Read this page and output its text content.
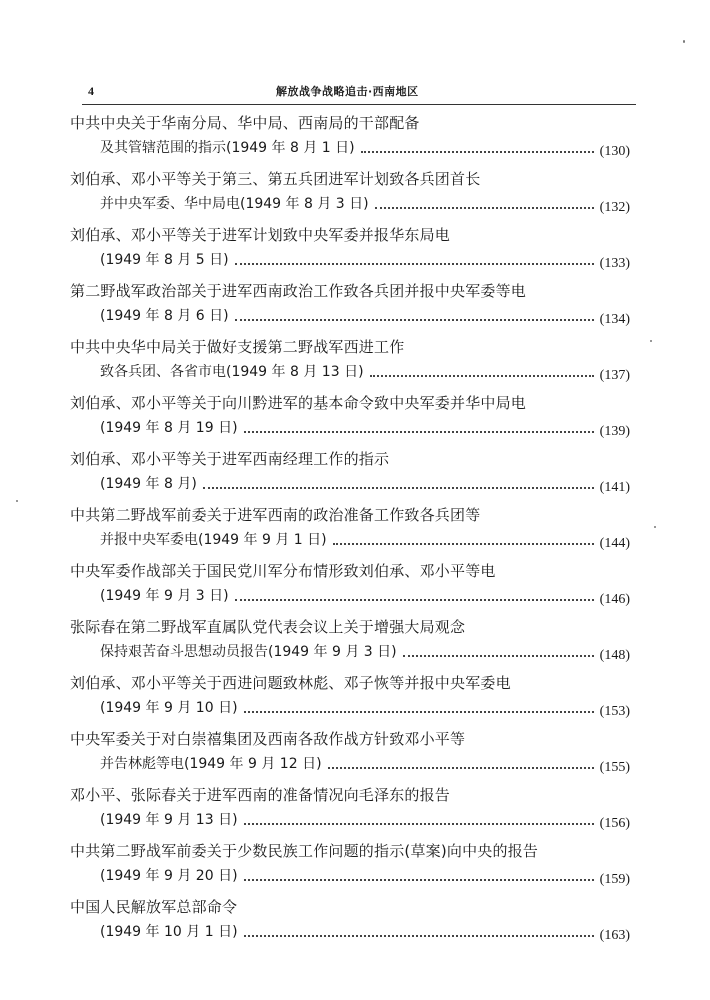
4	解放战争战略追击·西南地区
中共中央关于华南分局、华中局、西南局的干部配备
及其管辖范围的指示(1949 年 8 月 1 日)	(130)
刘伯承、邓小平等关于第三、第五兵团进军计划致各兵团首长
并中央军委、华中局电(1949 年 8 月 3 日)	(132)
刘伯承、邓小平等关于进军计划致中央军委并报华东局电
(1949 年 8 月 5 日)	(133)
第二野战军政治部关于进军西南政治工作致各兵团并报中央军委等电
(1949 年 8 月 6 日)	(134)
中共中央华中局关于做好支援第二野战军西进工作
致各兵团、各省市电(1949 年 8 月 13 日)	(137)
刘伯承、邓小平等关于向川黔进军的基本命令致中央军委并华中局电
(1949 年 8 月 19 日)	(139)
刘伯承、邓小平等关于进军西南经理工作的指示
(1949 年 8 月)	(141)
中共第二野战军前委关于进军西南的政治准备工作致各兵团等
并报中央军委电(1949 年 9 月 1 日)	(144)
中央军委作战部关于国民党川军分布情形致刘伯承、邓小平等电
(1949 年 9 月 3 日)	(146)
张际春在第二野战军直属队党代表会议上关于增强大局观念
保持艰苦奋斗思想动员报告(1949 年 9 月 3 日)	(148)
刘伯承、邓小平等关于西进问题致林彪、邓子恢等并报中央军委电
(1949 年 9 月 10 日)	(153)
中央军委关于对白崇禧集团及西南各敌作战方针致邓小平等
并告林彪等电(1949 年 9 月 12 日)	(155)
邓小平、张际春关于进军西南的准备情况向毛泽东的报告
(1949 年 9 月 13 日)	(156)
中共第二野战军前委关于少数民族工作问题的指示(草案)向中央的报告
(1949 年 9 月 20 日)	(159)
中国人民解放军总部命令
(1949 年 10 月 1 日)	(163)
